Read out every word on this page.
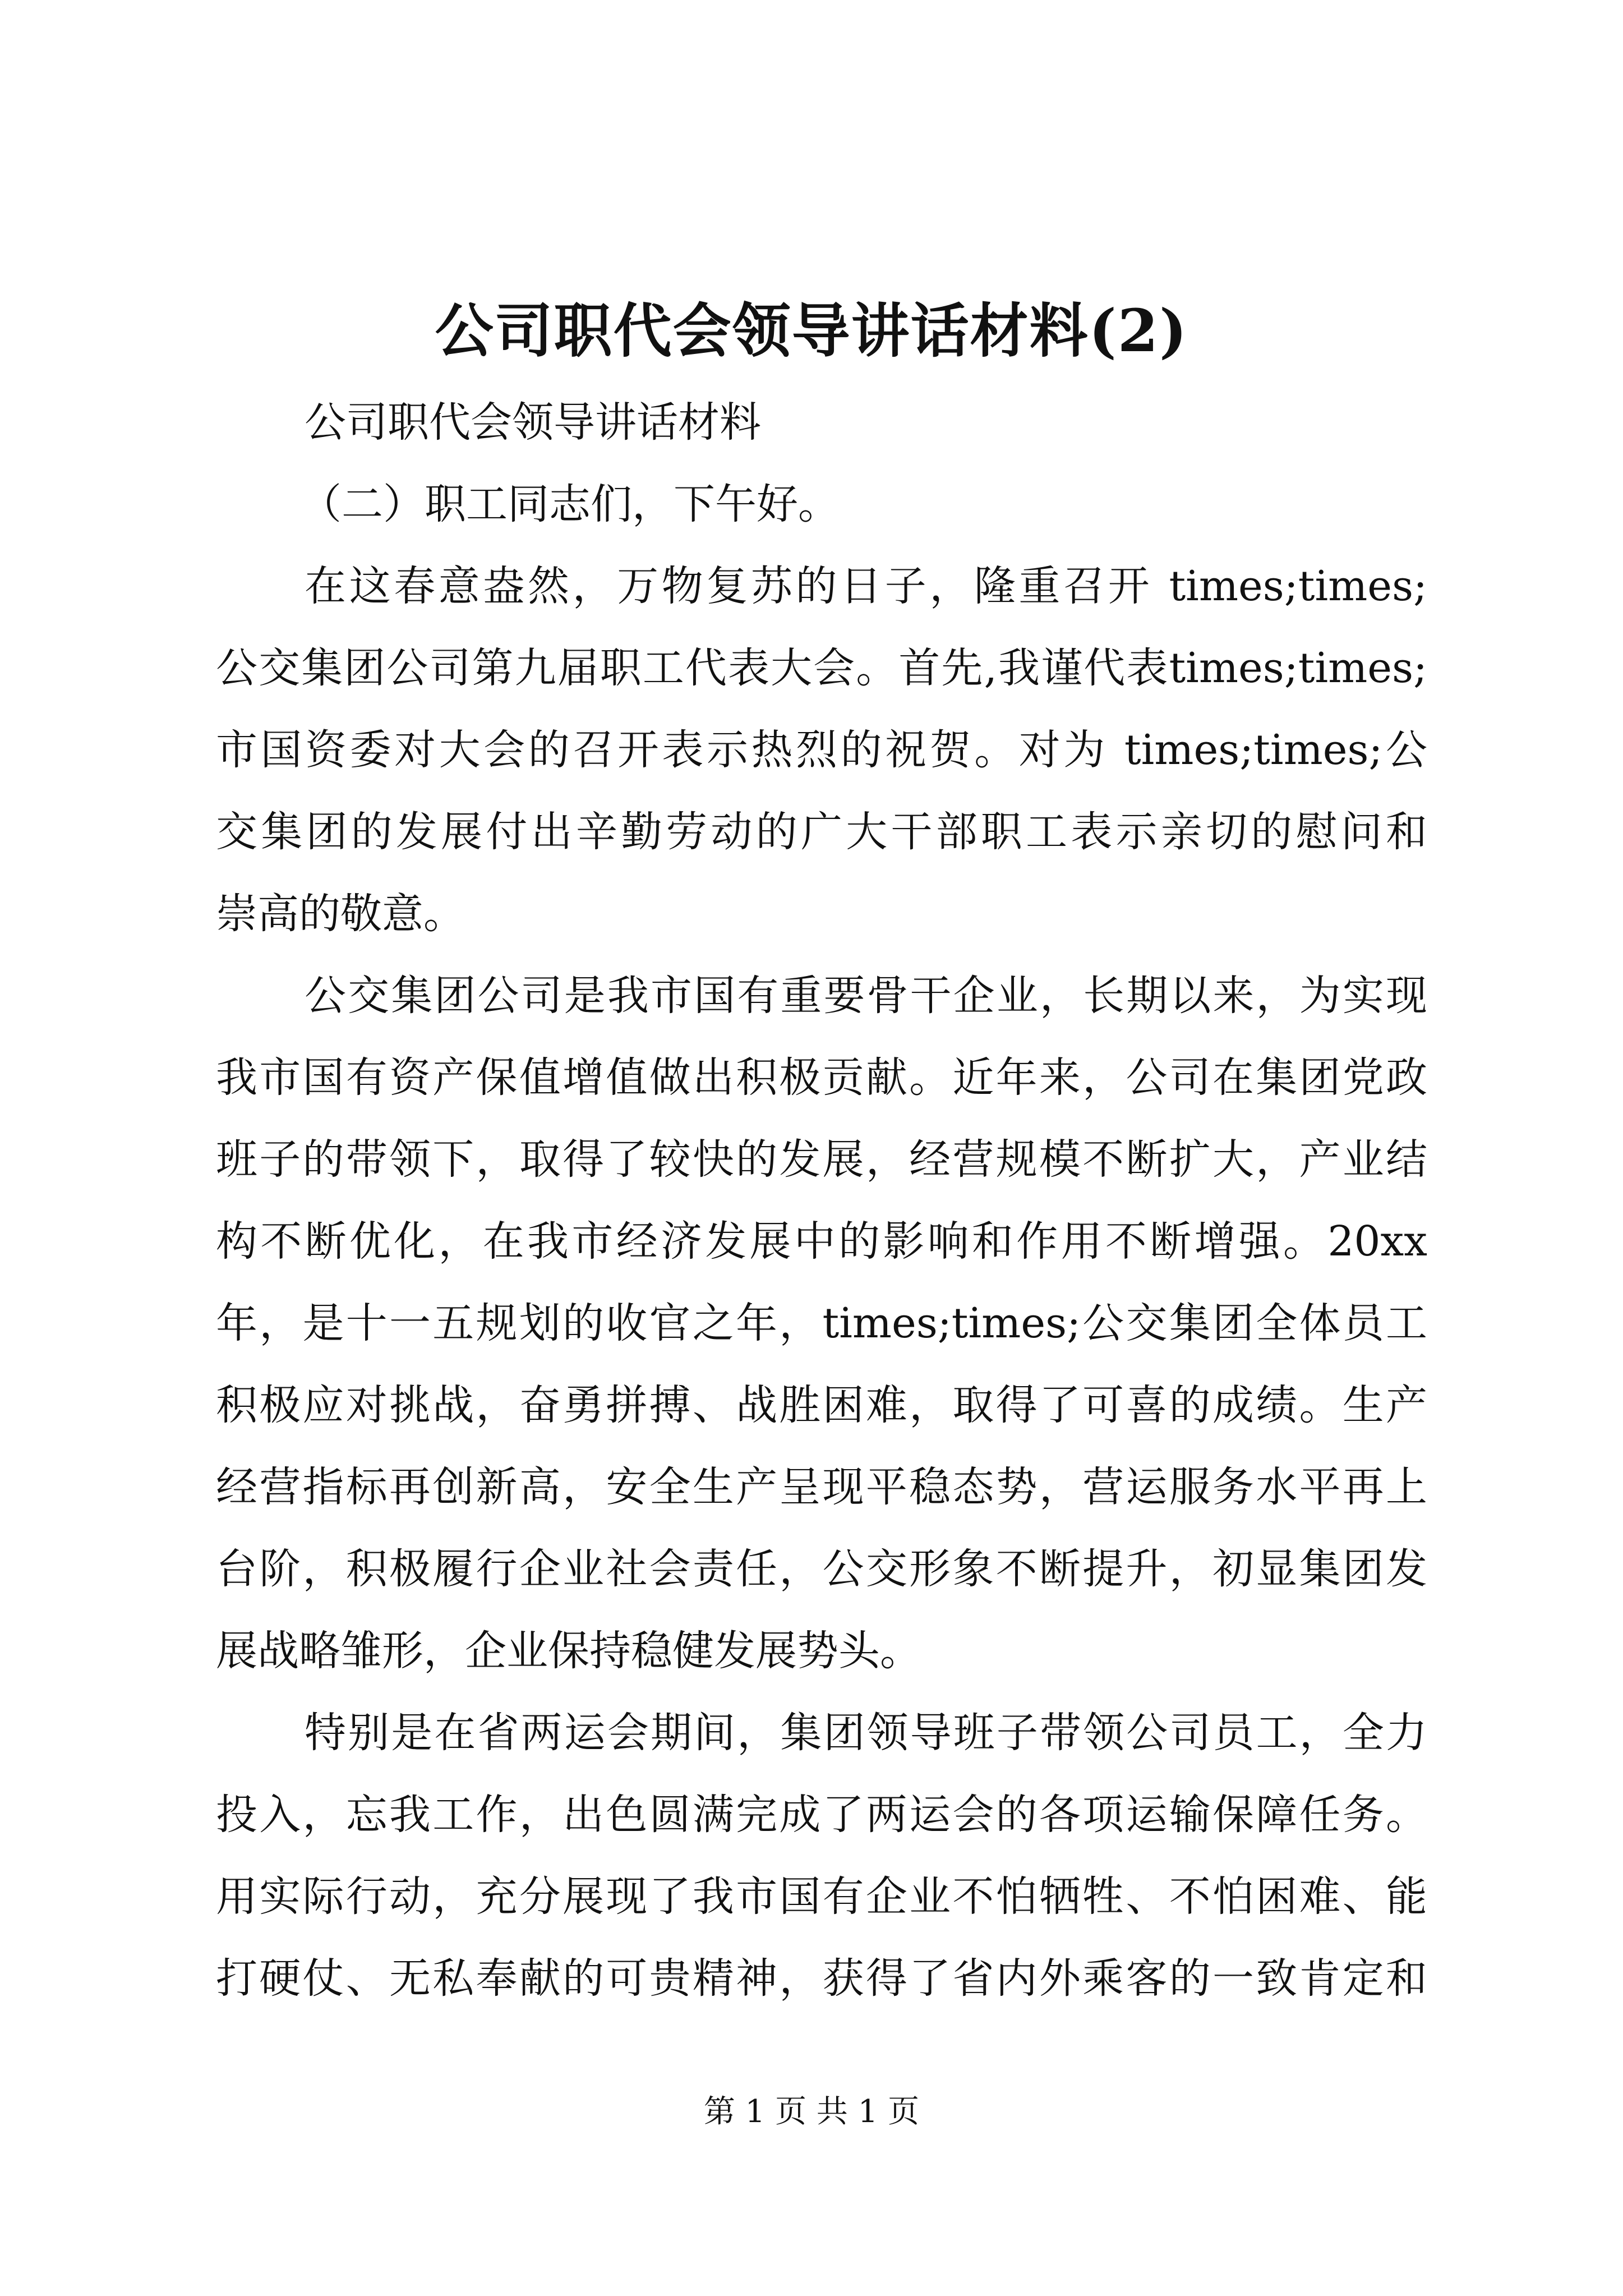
公司职代会领导讲话材料(2)
公司职代会领导讲话材料
（二）职工同志们，下午好。
在这春意盎然，万物复苏的日子，隆重召开 times;times;
公交集团公司第九届职工代表大会。首先,我谨代表times;times;
市国资委对大会的召开表示热烈的祝贺。对为 times;times;公
交集团的发展付出辛勤劳动的广大干部职工表示亲切的慰问和
崇高的敬意。
公交集团公司是我市国有重要骨干企业，长期以来，为实现
我市国有资产保值增值做出积极贡献。近年来，公司在集团党政
班子的带领下，取得了较快的发展，经营规模不断扩大，产业结
构不断优化，在我市经济发展中的影响和作用不断增强。20xx
年，是十一五规划的收官之年，times;times;公交集团全体员工
积极应对挑战，奋勇拼搏、战胜困难，取得了可喜的成绩。生产
经营指标再创新高，安全生产呈现平稳态势，营运服务水平再上
台阶，积极履行企业社会责任，公交形象不断提升，初显集团发
展战略雏形，企业保持稳健发展势头。
特别是在省两运会期间，集团领导班子带领公司员工，全力
投入，忘我工作，出色圆满完成了两运会的各项运输保障任务。
用实际行动，充分展现了我市国有企业不怕牺牲、不怕困难、能
打硬仗、无私奉献的可贵精神，获得了省内外乘客的一致肯定和
第 1 页 共 1 页
